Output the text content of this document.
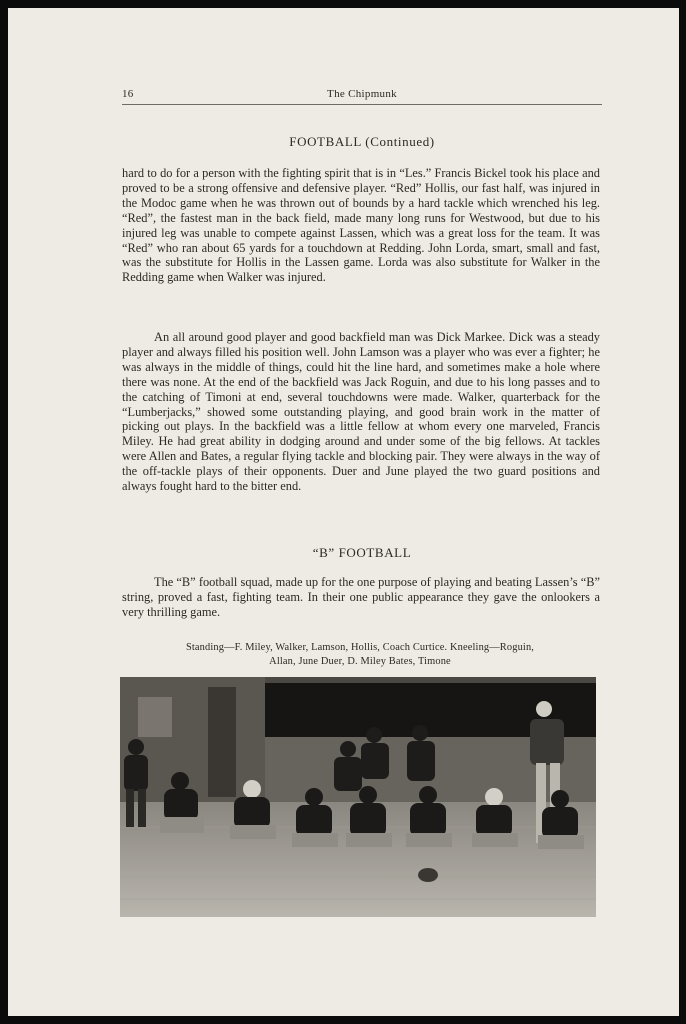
16	The Chipmunk
FOOTBALL (Continued)

hard to do for a person with the fighting spirit that is in “Les.” Francis Bickel took his place and proved to be a strong offensive and defensive player. “Red” Hollis, our fast half, was injured in the Modoc game when he was thrown out of bounds by a hard tackle which wrenched his leg. “Red”, the fastest man in the back field, made many long runs for Westwood, but due to his injured leg was unable to compete against Lassen, which was a great loss for the team. It was “Red” who ran about 65 yards for a touchdown at Redding. John Lorda, smart, small and fast, was the substitute for Hollis in the Lassen game. Lorda was also substitute for Walker in the Redding game when Walker was injured.

An all around good player and good backfield man was Dick Markee. Dick was a steady player and always filled his position well. John Lamson was a player who was ever a fighter; he was always in the middle of things, could hit the line hard, and sometimes make a hole where there was none. At the end of the backfield was Jack Roguin, and due to his long passes and to the catching of Timoni at end, several touchdowns were made. Walker, quarterback for the “Lumberjacks,” showed some outstanding playing, and good brain work in the matter of picking out plays. In the backfield was a little fellow at whom every one marveled, Francis Miley. He had great ability in dodging around and under some of the big fellows. At tackles were Allen and Bates, a regular flying tackle and blocking pair. They were always in the way of the off-tackle plays of their opponents. Duer and June played the two guard positions and always fought hard to the bitter end.

“B” FOOTBALL

The “B” football squad, made up for the one purpose of playing and beating Lassen’s “B” string, proved a fast, fighting team. In their one public appearance they gave the onlookers a very thrilling game.

Standing—F. Miley, Walker, Lamson, Hollis, Coach Curtice. Kneeling—Roguin,
Allan, June Duer, D. Miley Bates, Timone
